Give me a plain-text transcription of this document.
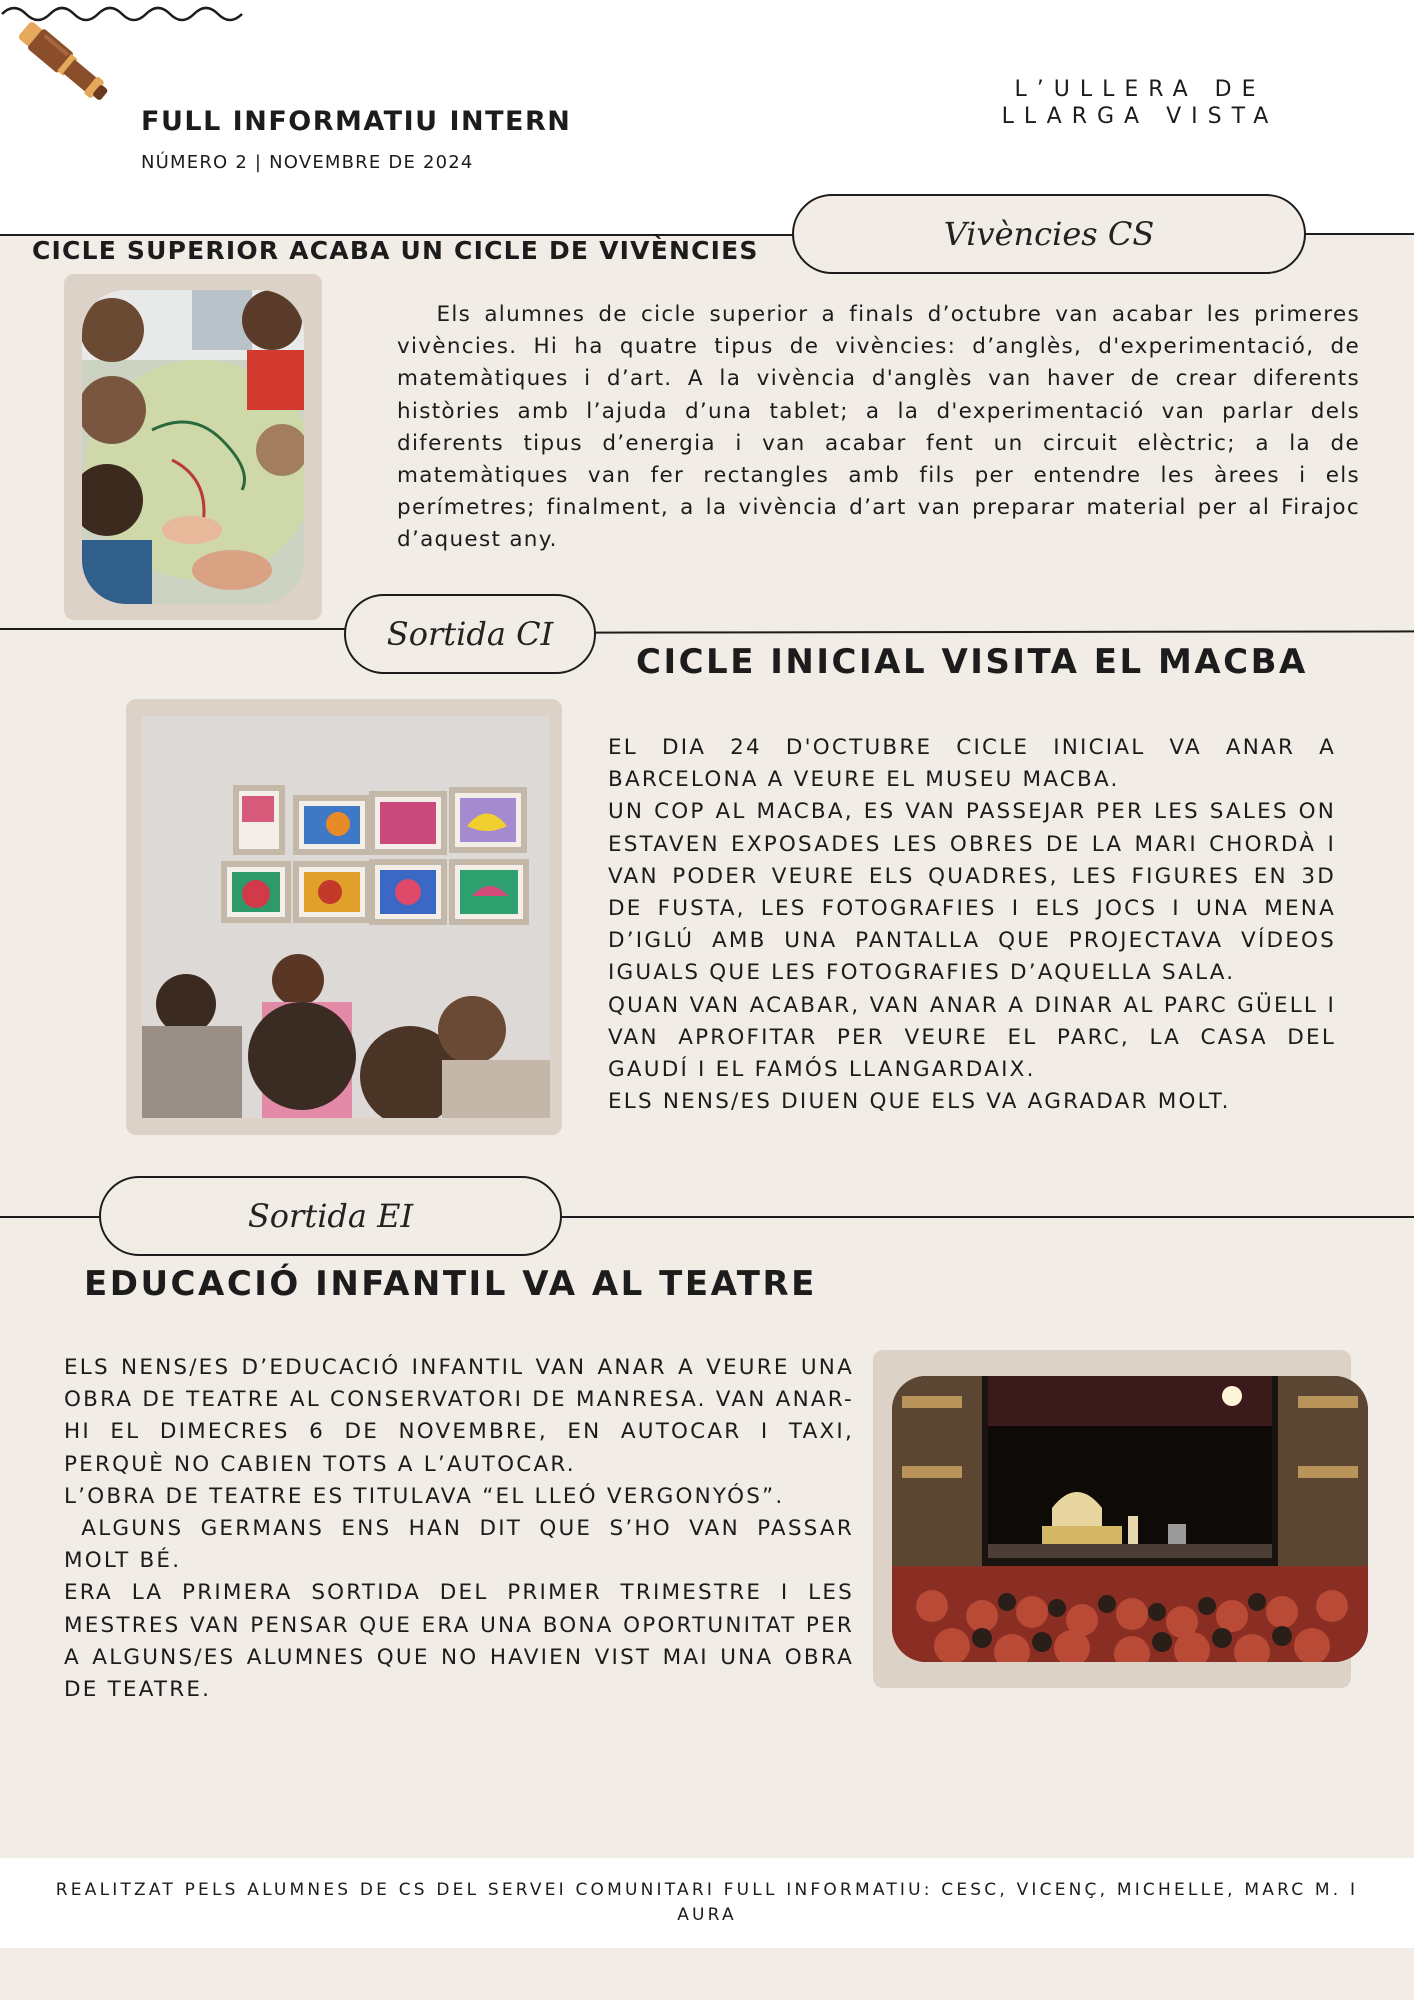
FULL INFORMATIU INTERN
NÚMERO 2 | NOVEMBRE DE 2024
L’ULLERA DE
LLARGA VISTA
Vivències CS
CICLE SUPERIOR ACABA UN CICLE DE VIVÈNCIES

Els alumnes de cicle superior a finals d’octubre van acabar les primeres vivències. Hi ha quatre tipus de vivències: d’anglès, d'experimentació, de matemàtiques i d’art. A la vivència d'anglès van haver de crear diferents històries amb l’ajuda d’una tablet; a la d'experimentació van parlar dels diferents tipus d’energia i van acabar fent un circuit elèctric; a la de matemàtiques van fer rectangles amb fils per entendre les àrees i els perímetres; finalment, a la vivència d’art van preparar material per al Firajoc d’aquest any.

Sortida CI
CICLE INICIAL VISITA EL MACBA

EL DIA 24 D'OCTUBRE CICLE INICIAL VA ANAR A BARCELONA A VEURE EL MUSEU MACBA.

UN COP AL MACBA, ES VAN PASSEJAR PER LES SALES ON ESTAVEN EXPOSADES LES OBRES DE LA MARI CHORDÀ I VAN PODER VEURE ELS QUADRES, LES FIGURES EN 3D DE FUSTA, LES FOTOGRAFIES I ELS JOCS I UNA MENA D’IGLÚ AMB UNA PANTALLA QUE PROJECTAVA VÍDEOS IGUALS QUE LES FOTOGRAFIES D’AQUELLA SALA.

QUAN VAN ACABAR, VAN ANAR A DINAR AL PARC GÜELL I VAN APROFITAR PER VEURE EL PARC, LA CASA DEL GAUDÍ I EL FAMÓS LLANGARDAIX.

ELS NENS/ES DIUEN QUE ELS VA AGRADAR MOLT.

Sortida EI
EDUCACIÓ INFANTIL VA AL TEATRE

ELS NENS/ES D’EDUCACIÓ INFANTIL VAN ANAR A VEURE UNA OBRA DE TEATRE AL CONSERVATORI DE MANRESA. VAN ANAR-HI EL DIMECRES 6 DE NOVEMBRE, EN AUTOCAR I TAXI, PERQUÈ NO CABIEN TOTS A L’AUTOCAR.

L’OBRA DE TEATRE ES TITULAVA “EL LLEÓ VERGONYÓS”.

ALGUNS GERMANS ENS HAN DIT QUE S’HO VAN PASSAR MOLT BÉ.

ERA LA PRIMERA SORTIDA DEL PRIMER TRIMESTRE I LES MESTRES VAN PENSAR QUE ERA UNA BONA OPORTUNITAT PER A ALGUNS/ES ALUMNES QUE NO HAVIEN VIST MAI UNA OBRA DE TEATRE.

REALITZAT PELS ALUMNES DE CS DEL SERVEI COMUNITARI FULL INFORMATIU: CESC, VICENÇ, MICHELLE, MARC M. I AURA
